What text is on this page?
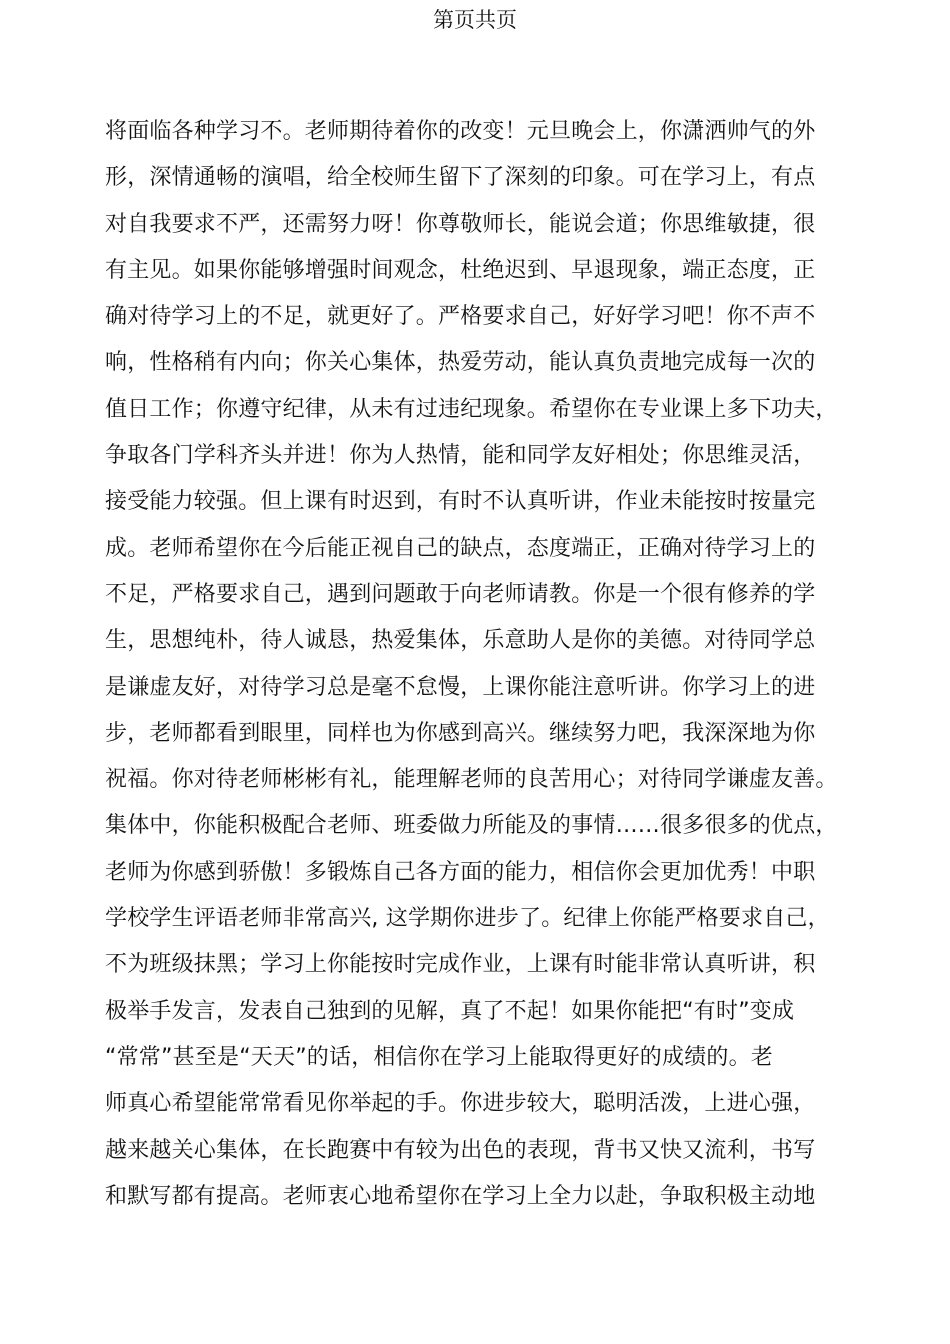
第页共页
将面临各种学习不。老师期待着你的改变！元旦晚会上，你潇洒帅气的外
形，深情通畅的演唱，给全校师生留下了深刻的印象。可在学习上，有点
对自我要求不严，还需努力呀！你尊敬师长，能说会道；你思维敏捷，很
有主见。如果你能够增强时间观念，杜绝迟到、早退现象，端正态度，正
确对待学习上的不足，就更好了。严格要求自己，好好学习吧！你不声不
响，性格稍有内向；你关心集体，热爱劳动，能认真负责地完成每一次的
值日工作；你遵守纪律，从未有过违纪现象。希望你在专业课上多下功夫，
争取各门学科齐头并进！你为人热情，能和同学友好相处；你思维灵活，
接受能力较强。但上课有时迟到，有时不认真听讲，作业未能按时按量完
成。老师希望你在今后能正视自己的缺点，态度端正，正确对待学习上的
不足，严格要求自己，遇到问题敢于向老师请教。你是一个很有修养的学
生，思想纯朴，待人诚恳，热爱集体，乐意助人是你的美德。对待同学总
是谦虚友好，对待学习总是毫不怠慢，上课你能注意听讲。你学习上的进
步，老师都看到眼里，同样也为你感到高兴。继续努力吧，我深深地为你
祝福。你对待老师彬彬有礼，能理解老师的良苦用心；对待同学谦虚友善。
集体中，你能积极配合老师、班委做力所能及的事情……很多很多的优点，
老师为你感到骄傲！多锻炼自己各方面的能力，相信你会更加优秀！中职
学校学生评语老师非常高兴, 这学期你进步了。纪律上你能严格要求自己，
不为班级抹黑；学习上你能按时完成作业，上课有时能非常认真听讲，积
极举手发言，发表自己独到的见解，真了不起！如果你能把“有时”变成
“常常”甚至是“天天”的话，相信你在学习上能取得更好的成绩的。老
师真心希望能常常看见你举起的手。你进步较大，聪明活泼，上进心强，
越来越关心集体，在长跑赛中有较为出色的表现，背书又快又流利，书写
和默写都有提高。老师衷心地希望你在学习上全力以赴，争取积极主动地
